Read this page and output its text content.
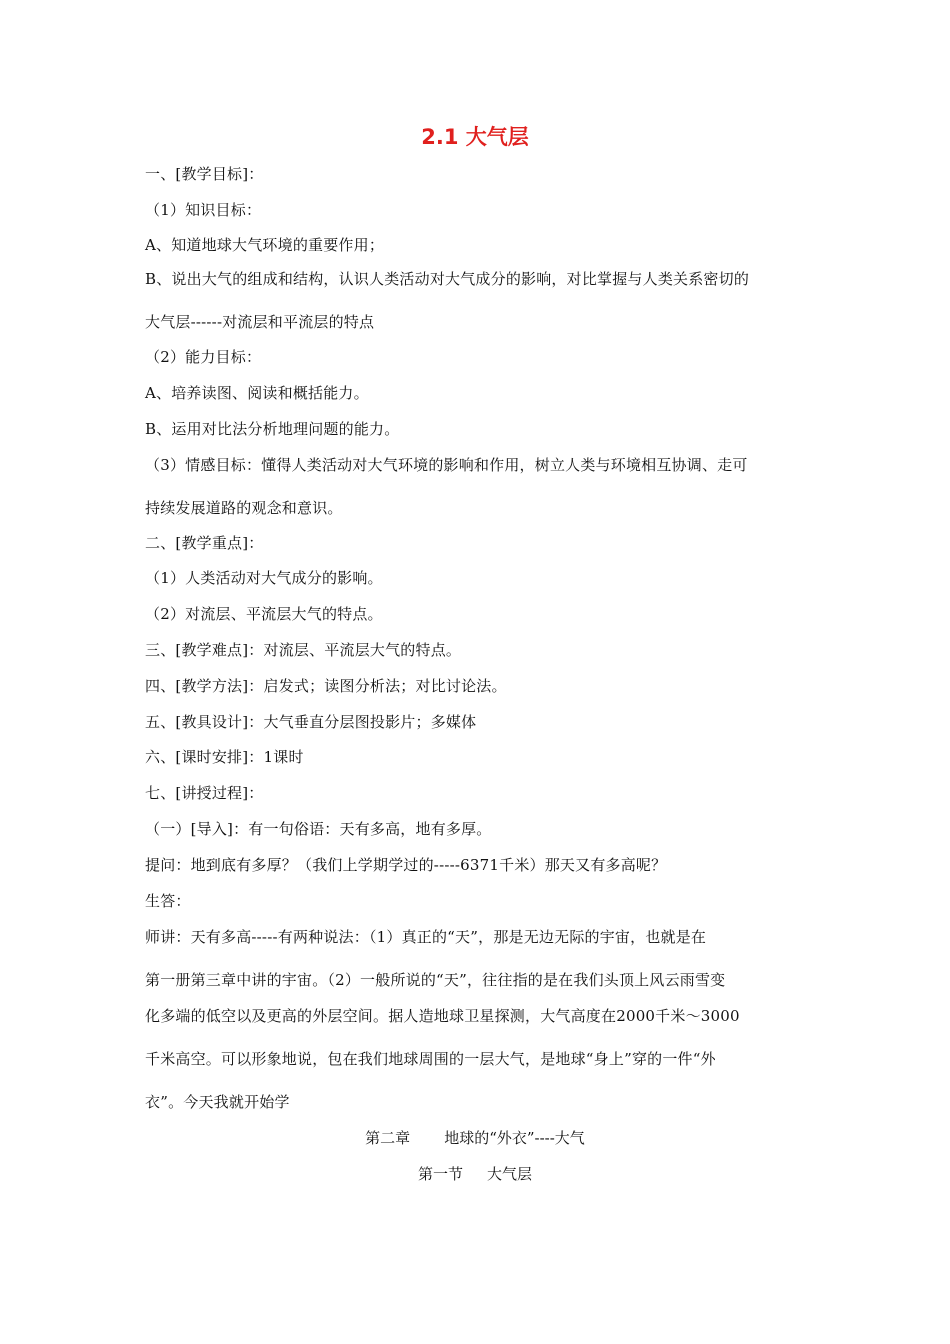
2.1 大气层
一、[教学目标]：
（1）知识目标：
A、知道地球大气环境的重要作用；
B、说出大气的组成和结构，认识人类活动对大气成分的影响，对比掌握与人类关系密切的
大气层------对流层和平流层的特点
（2）能力目标：
A、培养读图、阅读和概括能力。
B、运用对比法分析地理问题的能力。
（3）情感目标：懂得人类活动对大气环境的影响和作用，树立人类与环境相互协调、走可
持续发展道路的观念和意识。
二、[教学重点]：
（1）人类活动对大气成分的影响。
（2）对流层、平流层大气的特点。
三、[教学难点]：对流层、平流层大气的特点。
四、[教学方法]：启发式；读图分析法；对比讨论法。
五、[教具设计]：大气垂直分层图投影片；多媒体
六、[课时安排]：1课时
七、[讲授过程]：
（一）[导入]：有一句俗语：天有多高，地有多厚。
提问：地到底有多厚？（我们上学期学过的-----6371千米）那天又有多高呢？
生答：
师讲：天有多高-----有两种说法：（1）真正的“天”，那是无边无际的宇宙，也就是在
第一册第三章中讲的宇宙。（2）一般所说的“天”，往往指的是在我们头顶上风云雨雪变
化多端的低空以及更高的外层空间。据人造地球卫星探测，大气高度在2000千米～3000
千米高空。可以形象地说，包在我们地球周围的一层大气，是地球“身上”穿的一件“外
衣”。今天我就开始学
第二章 地球的“外衣”----大气
第一节 大气层
